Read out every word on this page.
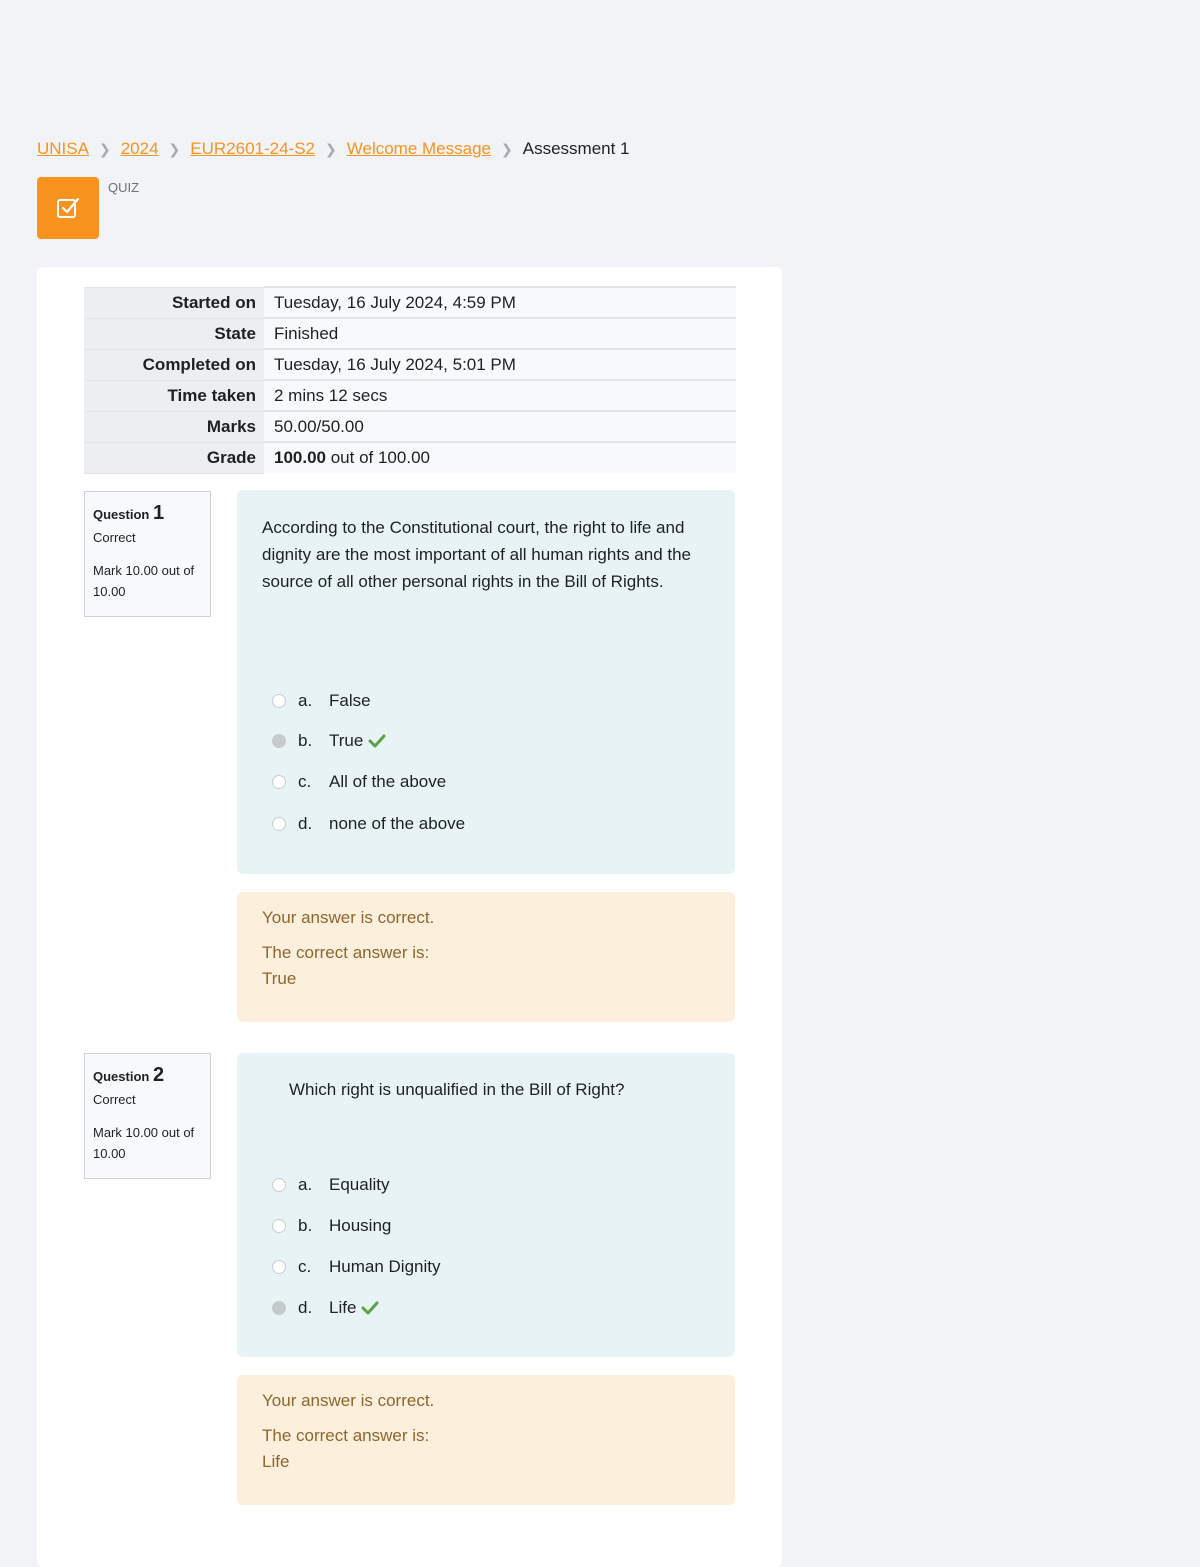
UNISA ❯ 2024 ❯ EUR2601-24-S2 ❯ Welcome Message ❯ Assessment 1
QUIZ
Started on	Tuesday, 16 July 2024, 4:59 PM
State	Finished
Completed on	Tuesday, 16 July 2024, 5:01 PM
Time taken	2 mins 12 secs
Marks	50.00/50.00
Grade	100.00 out of 100.00
Question 1
Correct
Mark 10.00 out of 10.00
According to the Constitutional court, the right to life and dignity are the most important of all human rights and the source of all other personal rights in the Bill of Rights.
a. False
b. True
c.	All of the above
d. none of the above
Your answer is correct.
The correct answer is:
True
Question 2
Correct
Mark 10.00 out of 10.00
Which right is unqualified in the Bill of Right?
a. Equality
b. Housing
c.	Human Dignity
d. Life
Your answer is correct.
The correct answer is:
Life
